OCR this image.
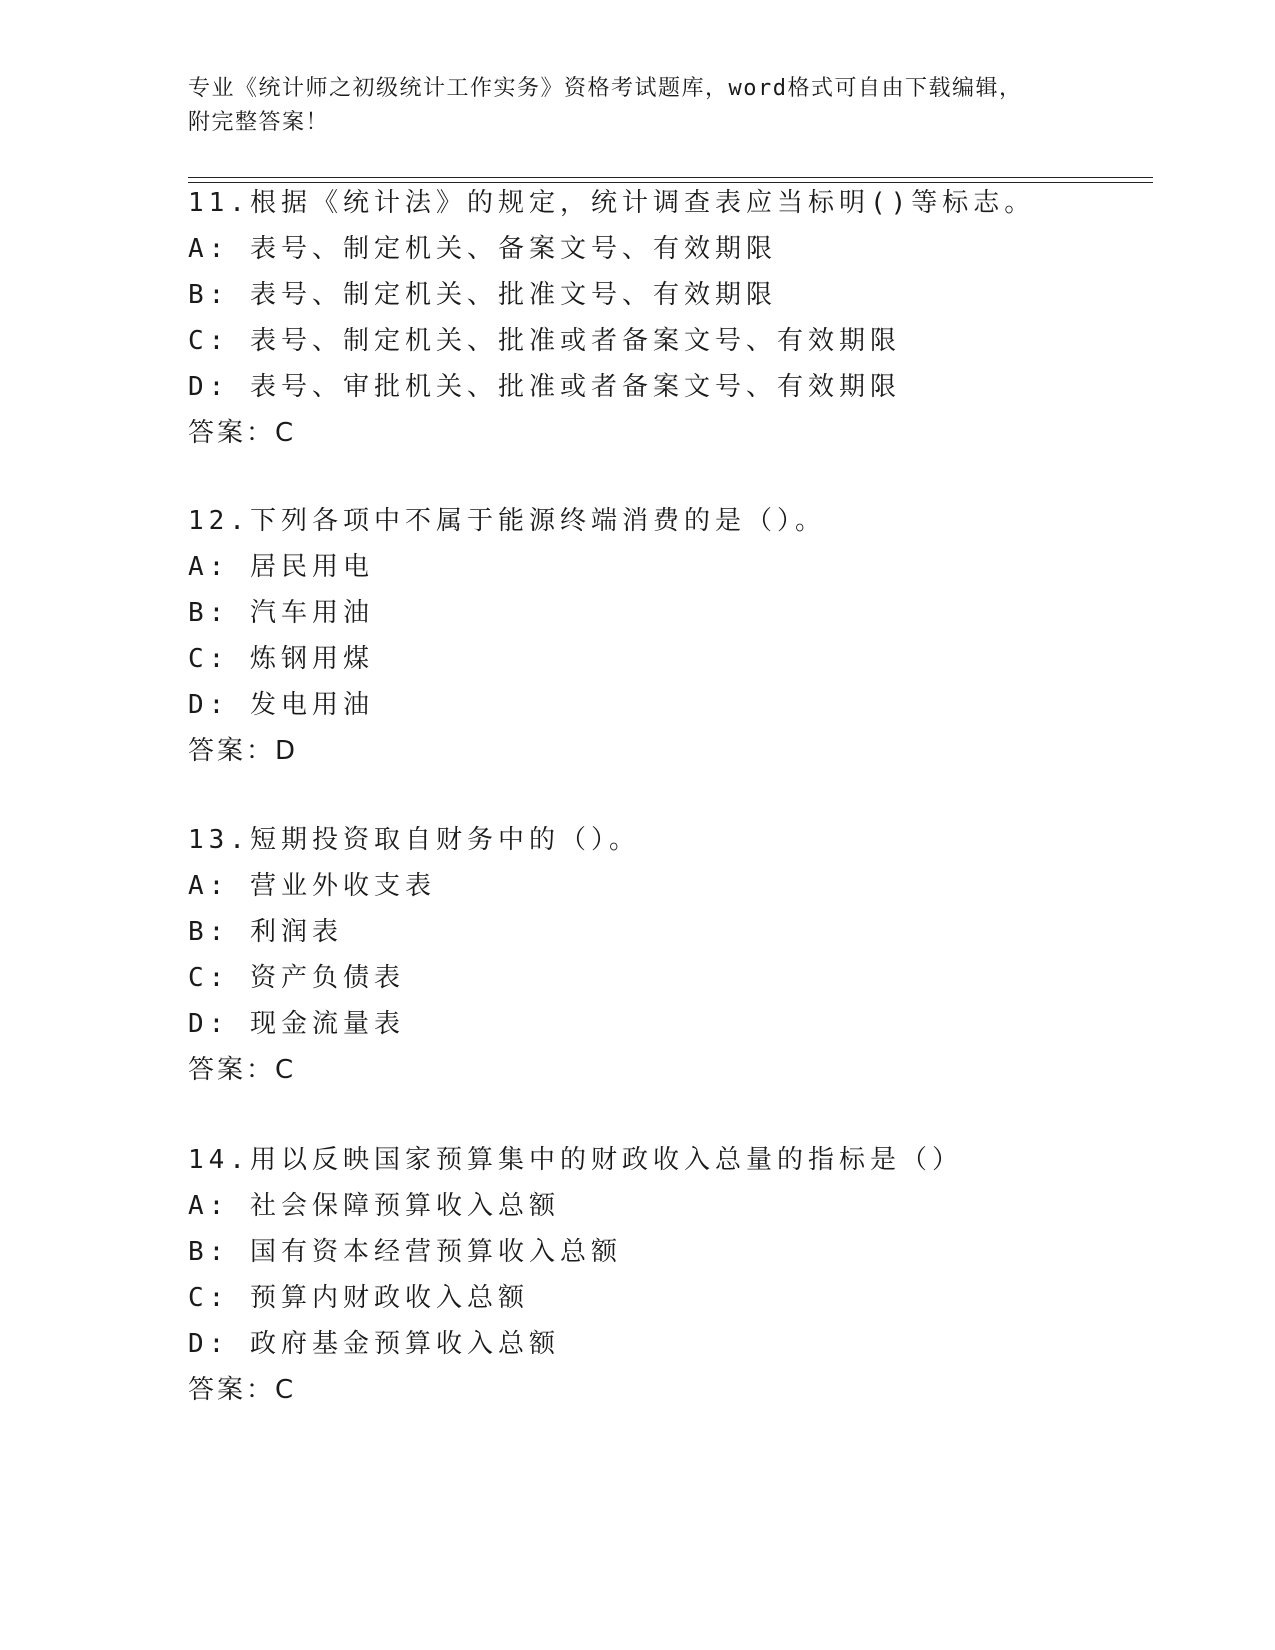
专业《统计师之初级统计工作实务》资格考试题库，word格式可自由下载编辑，
附完整答案！
11.根据《统计法》的规定，统计调查表应当标明()等标志。
A: 表号、制定机关、备案文号、有效期限
B: 表号、制定机关、批准文号、有效期限
C: 表号、制定机关、批准或者备案文号、有效期限
D: 表号、审批机关、批准或者备案文号、有效期限
答案：C
12.下列各项中不属于能源终端消费的是（）。
A: 居民用电
B: 汽车用油
C: 炼钢用煤
D: 发电用油
答案：D
13.短期投资取自财务中的（）。
A: 营业外收支表
B: 利润表
C: 资产负债表
D: 现金流量表
答案：C
14.用以反映国家预算集中的财政收入总量的指标是（）
A: 社会保障预算收入总额
B: 国有资本经营预算收入总额
C: 预算内财政收入总额
D: 政府基金预算收入总额
答案：C
